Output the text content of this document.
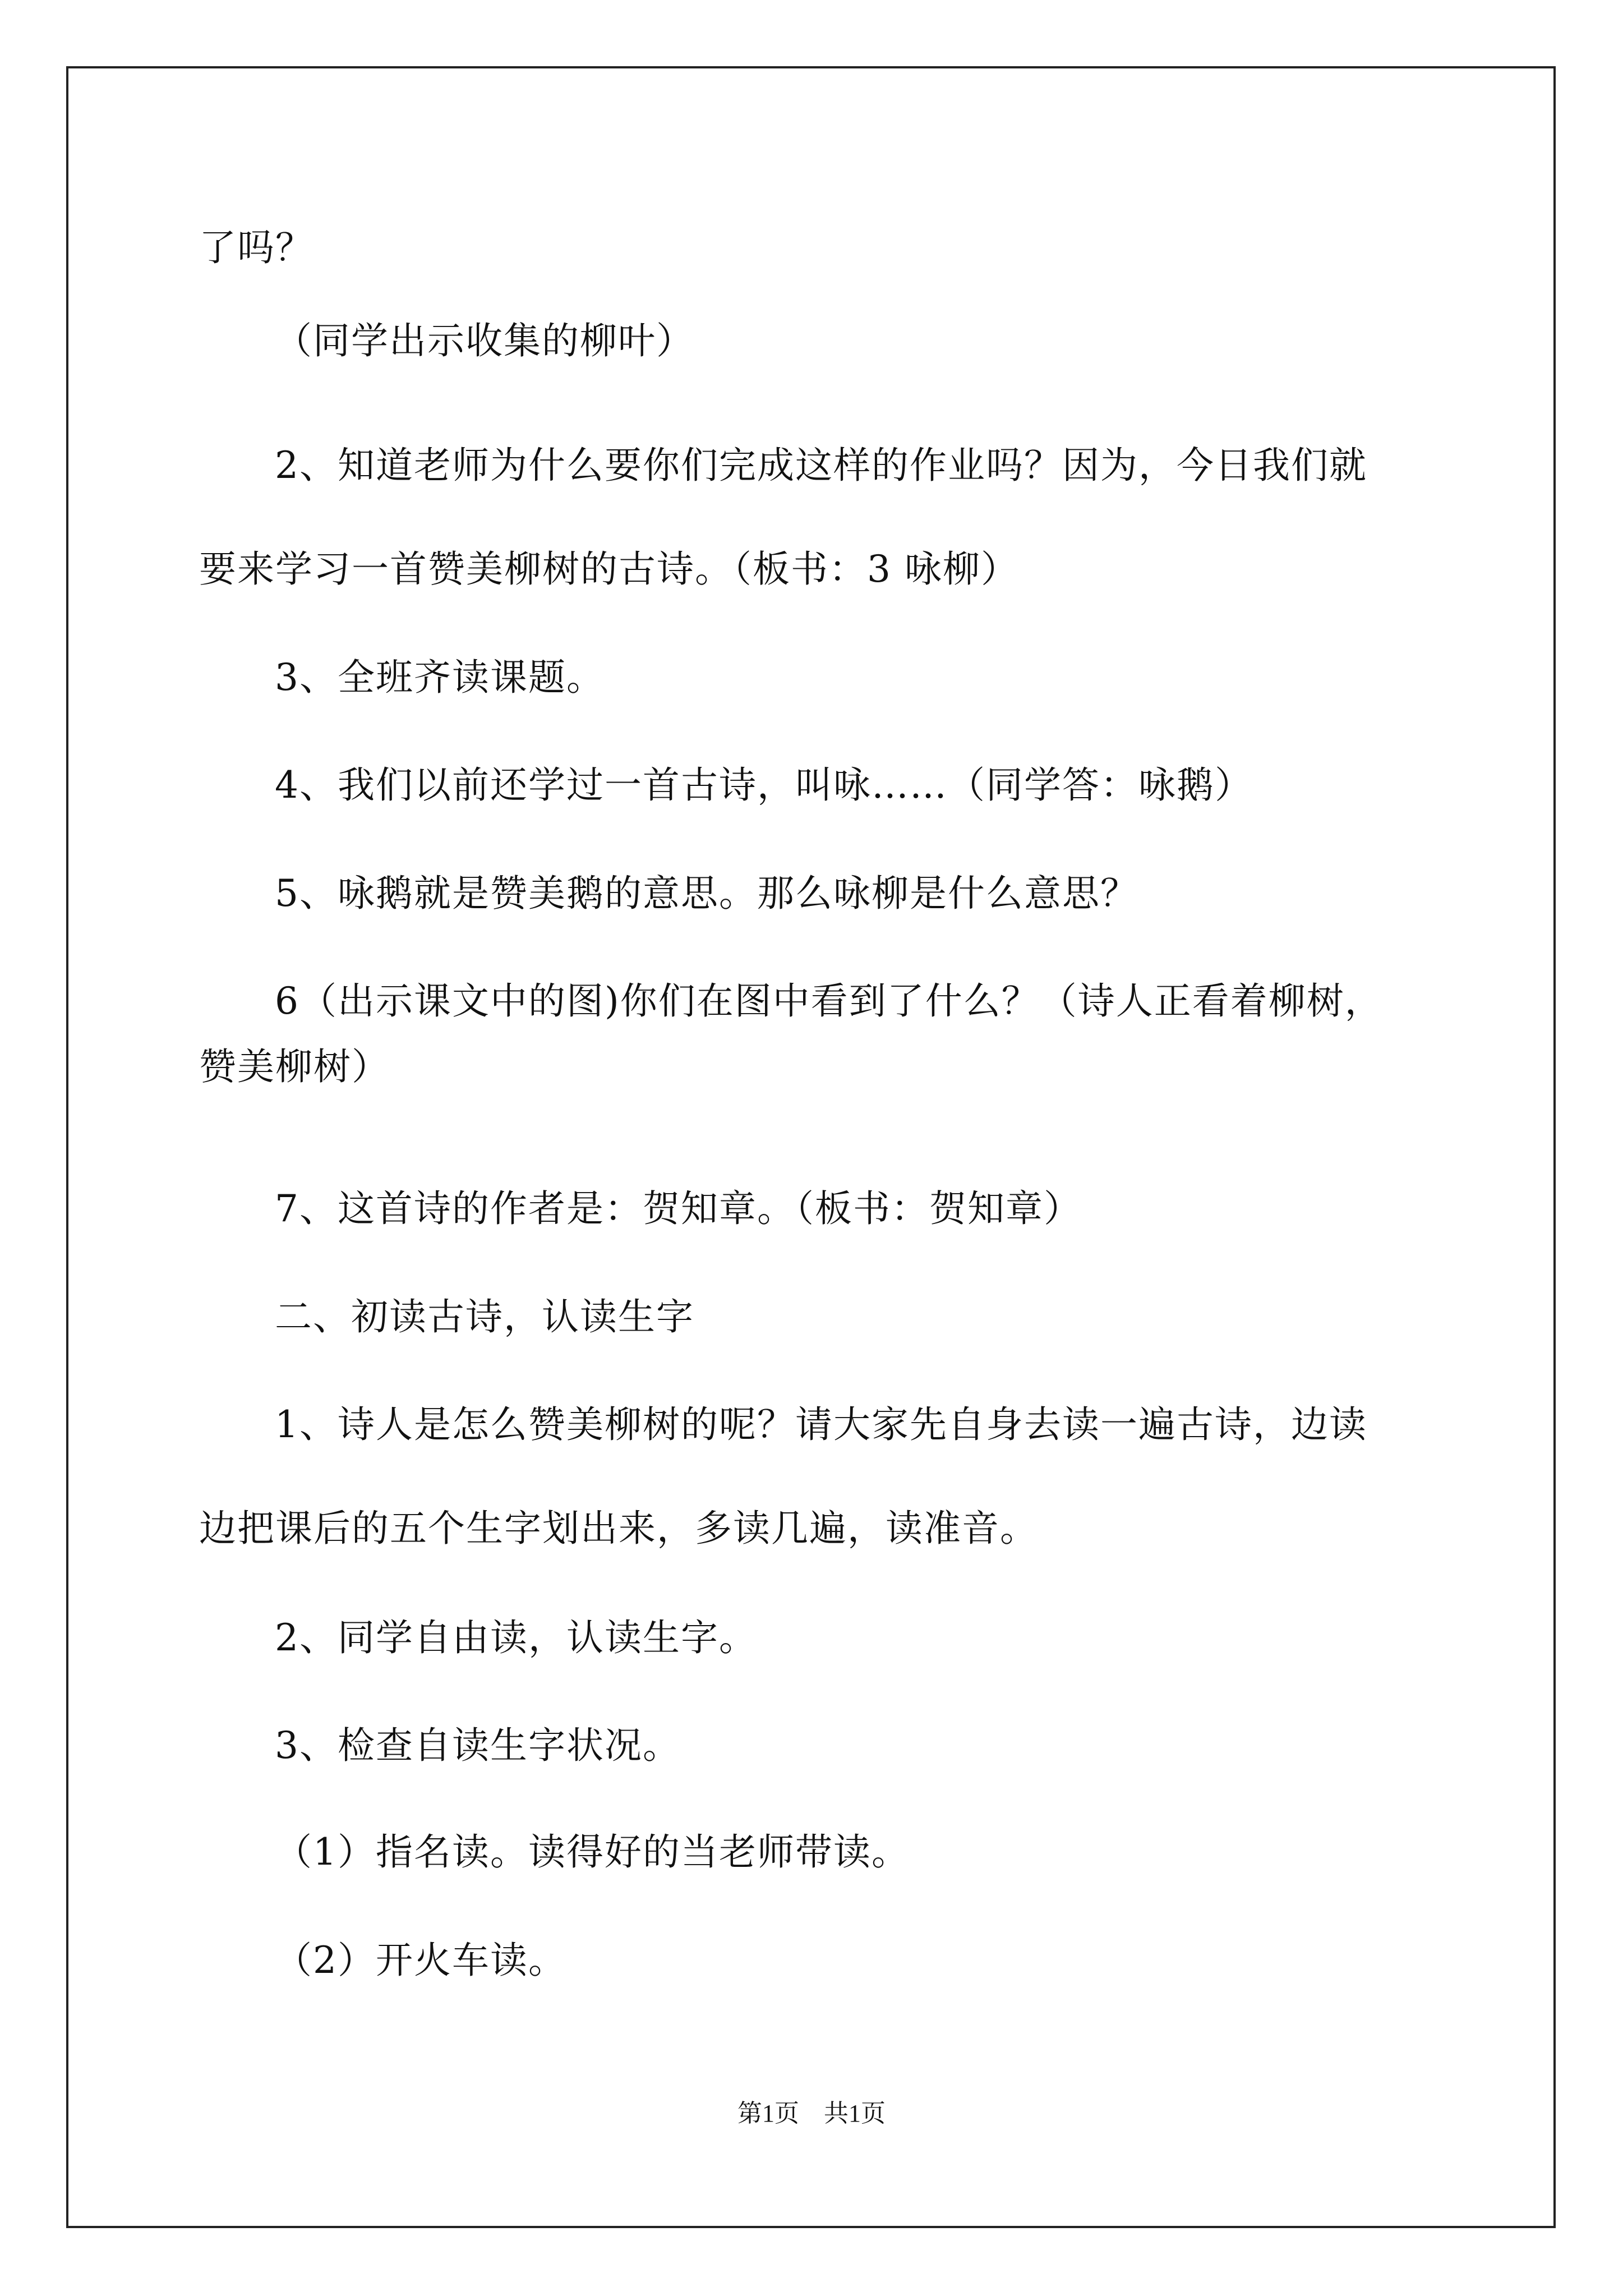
了吗？
（同学出示收集的柳叶）
2、知道老师为什么要你们完成这样的作业吗？因为，今日我们就
要来学习一首赞美柳树的古诗。（板书：3 咏柳）
3、全班齐读课题。
4、我们以前还学过一首古诗，叫咏……（同学答：咏鹅）
5、咏鹅就是赞美鹅的意思。那么咏柳是什么意思？
6（出示课文中的图)你们在图中看到了什么？（诗人正看着柳树，
赞美柳树）
7、这首诗的作者是：贺知章。（板书：贺知章）
二、初读古诗，认读生字
1、诗人是怎么赞美柳树的呢？请大家先自身去读一遍古诗，边读
边把课后的五个生字划出来，多读几遍，读准音。
2、同学自由读，认读生字。
3、检查自读生字状况。
（1）指名读。读得好的当老师带读。
（2）开火车读。
第1页　共1页
